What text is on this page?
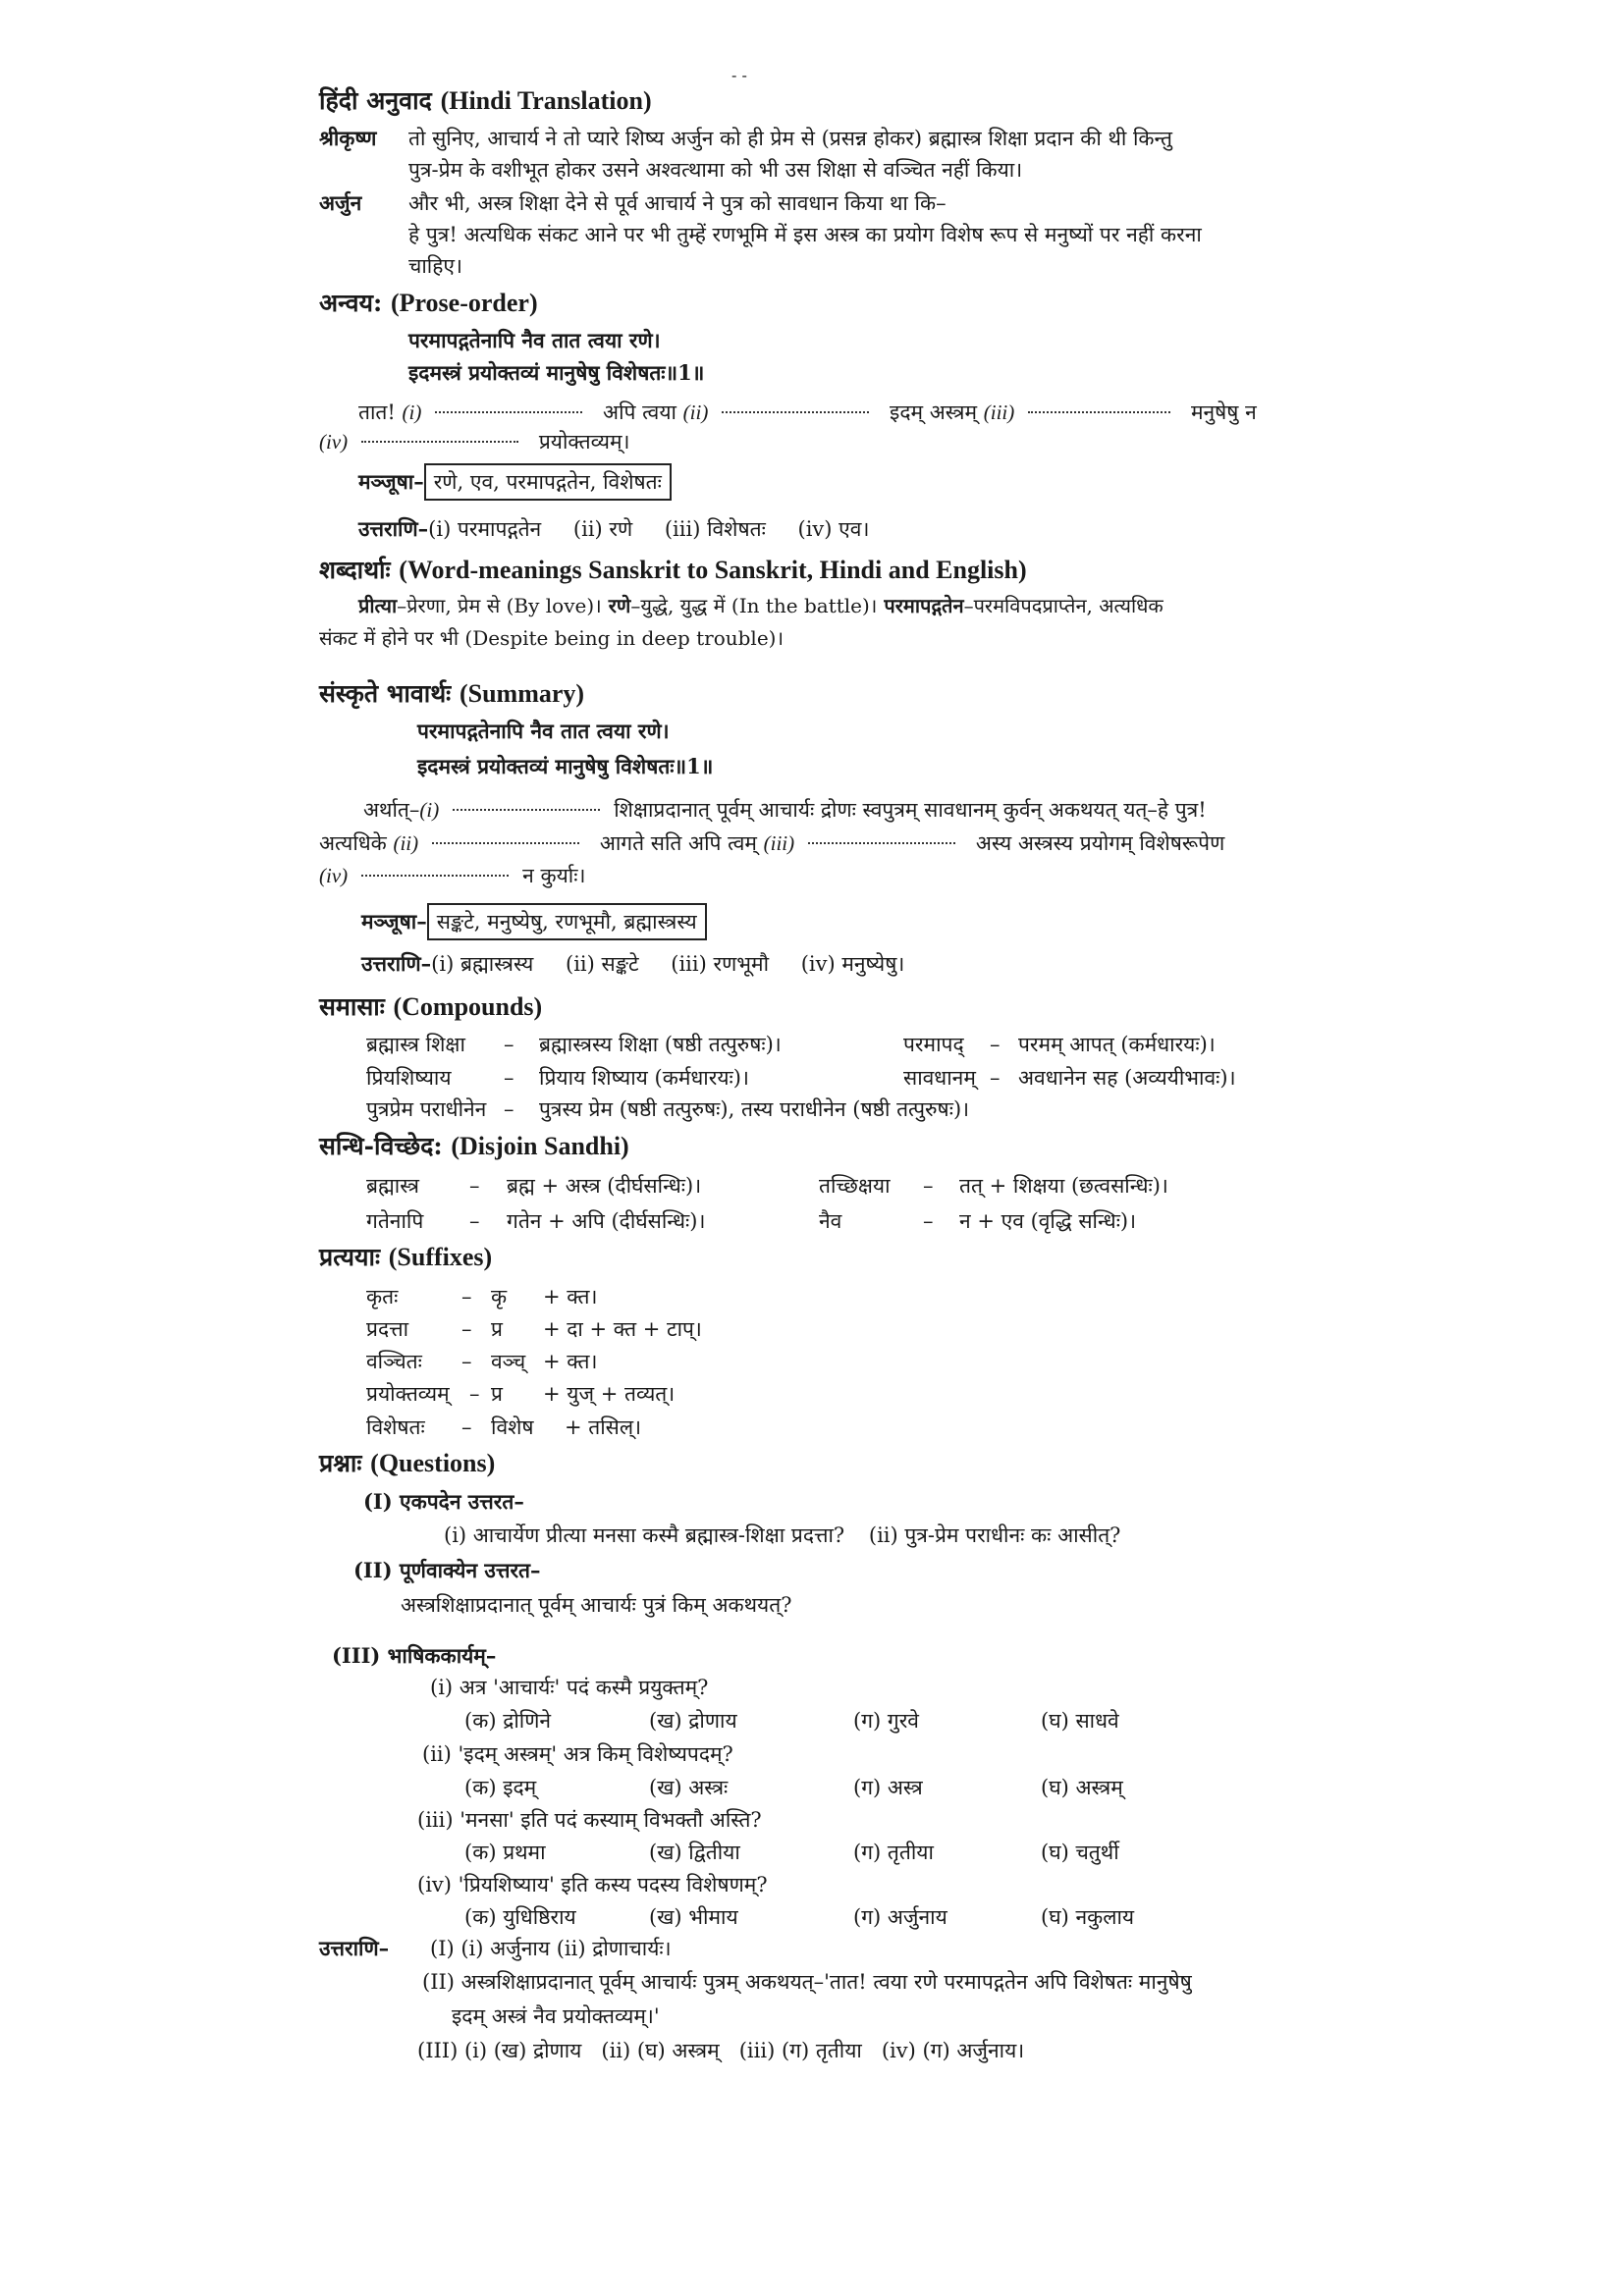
- -
हिंदी अनुवाद (Hindi Translation)
श्रीकृष्ण तो सुनिए, आचार्य ने तो प्यारे शिष्य अर्जुन को ही प्रेम से (प्रसन्न होकर) ब्रह्मास्त्र शिक्षा प्रदान की थी किन्तु
पुत्र-प्रेम के वशीभूत होकर उसने अश्वत्थामा को भी उस शिक्षा से वञ्चित नहीं किया।
अर्जुन और भी, अस्त्र शिक्षा देने से पूर्व आचार्य ने पुत्र को सावधान किया था कि–
हे पुत्र! अत्यधिक संकट आने पर भी तुम्हें रणभूमि में इस अस्त्र का प्रयोग विशेष रूप से मनुष्यों पर नहीं करना
चाहिए।
अन्वय: (Prose-order)
परमापद्गतेनापि नैव तात त्वया रणे।
इदमस्त्रं प्रयोक्तव्यं मानुषेषु विशेषतः॥1॥
तात! (i)	अपि त्वया (ii)	इदम् अस्त्रम् (iii)	मनुषेषु न
(iv)	प्रयोक्तव्यम्।
मञ्जूषा– रणे, एव, परमापद्गतेन, विशेषतः
उत्तराणि–(i) परमापद्गतेन (ii) रणे (iii) विशेषतः (iv) एव।
शब्दार्थाः (Word-meanings Sanskrit to Sanskrit, Hindi and English)
प्रीत्या–प्रेरणा, प्रेम से (By love)। रणे–युद्धे, युद्ध में (In the battle)। परमापद्गतेन–परमविपदप्राप्तेन, अत्यधिक
संकट में होने पर भी (Despite being in deep trouble)।
संस्कृते भावार्थः (Summary)
परमापद्गतेनापि नैव तात त्वया रणे।
इदमस्त्रं प्रयोक्तव्यं मानुषेषु विशेषतः॥1॥
अर्थात्–(i)	शिक्षाप्रदानात् पूर्वम् आचार्यः द्रोणः स्वपुत्रम् सावधानम् कुर्वन् अकथयत् यत्–हे पुत्र!
अत्यधिके (ii)	आगते सति अपि त्वम् (iii)	अस्य अस्त्रस्य प्रयोगम् विशेषरूपेण
(iv)	न कुर्याः।
मञ्जूषा– सङ्कटे, मनुष्येषु, रणभूमौ, ब्रह्मास्त्रस्य
उत्तराणि–(i) ब्रह्मास्त्रस्य (ii) सङ्कटे (iii) रणभूमौ (iv) मनुष्येषु।
समासाः (Compounds)
ब्रह्मास्त्र शिक्षा – ब्रह्मास्त्रस्य शिक्षा (षष्ठी तत्पुरुषः)।	परमापद् – परमम् आपत् (कर्मधारयः)।
प्रियशिष्याय	– प्रियाय शिष्याय (कर्मधारयः)।	सावधानम् – अवधानेन सह (अव्ययीभावः)।
पुत्रप्रेम पराधीनेन – पुत्रस्य प्रेम (षष्ठी तत्पुरुषः), तस्य पराधीनेन (षष्ठी तत्पुरुषः)।
सन्धि-विच्छेद: (Disjoin Sandhi)
ब्रह्मास्त्र – ब्रह्म + अस्त्र (दीर्घसन्धिः)।	तच्छिक्षया – तत् + शिक्षया (छत्वसन्धिः)।
गतेनापि – गतेन + अपि (दीर्घसन्धिः)।	नैव	– न + एव (वृद्धि सन्धिः)।
प्रत्ययाः (Suffixes)
कृतः	– कृ + क्त।
प्रदत्ता	– प्र + दा + क्त + टाप्।
वञ्चितः – वञ्च् + क्त।
प्रयोक्तव्यम् – प्र + युज् + तव्यत्।
विशेषतः – विशेष + तसिल्।
प्रश्नाः (Questions)
(I) एकपदेन उत्तरत–
(i) आचार्येण प्रीत्या मनसा कस्मै ब्रह्मास्त्र-शिक्षा प्रदत्ता? (ii) पुत्र-प्रेम पराधीनः कः आसीत्?
(II) पूर्णवाक्येन उत्तरत–
अस्त्रशिक्षाप्रदानात् पूर्वम् आचार्यः पुत्रं किम् अकथयत्?
(III) भाषिककार्यम्–
(i) अत्र 'आचार्यः' पदं कस्मै प्रयुक्तम्?
(क) द्रोणिने	(ख) द्रोणाय	(ग) गुरवे	(घ) साधवे
(ii) 'इदम् अस्त्रम्' अत्र किम् विशेष्यपदम्?
(क) इदम्	(ख) अस्त्रः	(ग) अस्त्र	(घ) अस्त्रम्
(iii) 'मनसा' इति पदं कस्याम् विभक्तौ अस्ति?
(क) प्रथमा	(ख) द्वितीया	(ग) तृतीया	(घ) चतुर्थी
(iv) 'प्रियशिष्याय' इति कस्य पदस्य विशेषणम्?
(क) युधिष्ठिराय	(ख) भीमाय	(ग) अर्जुनाय	(घ) नकुलाय
उत्तराणि– (I) (i) अर्जुनाय (ii) द्रोणाचार्यः।
(II) अस्त्रशिक्षाप्रदानात् पूर्वम् आचार्यः पुत्रम् अकथयत्–'तात! त्वया रणे परमापद्गतेन अपि विशेषतः मानुषेषु
इदम् अस्त्रं नैव प्रयोक्तव्यम्।'
(III) (i) (ख) द्रोणाय   (ii) (घ) अस्त्रम्   (iii) (ग) तृतीया   (iv) (ग) अर्जुनाय।
